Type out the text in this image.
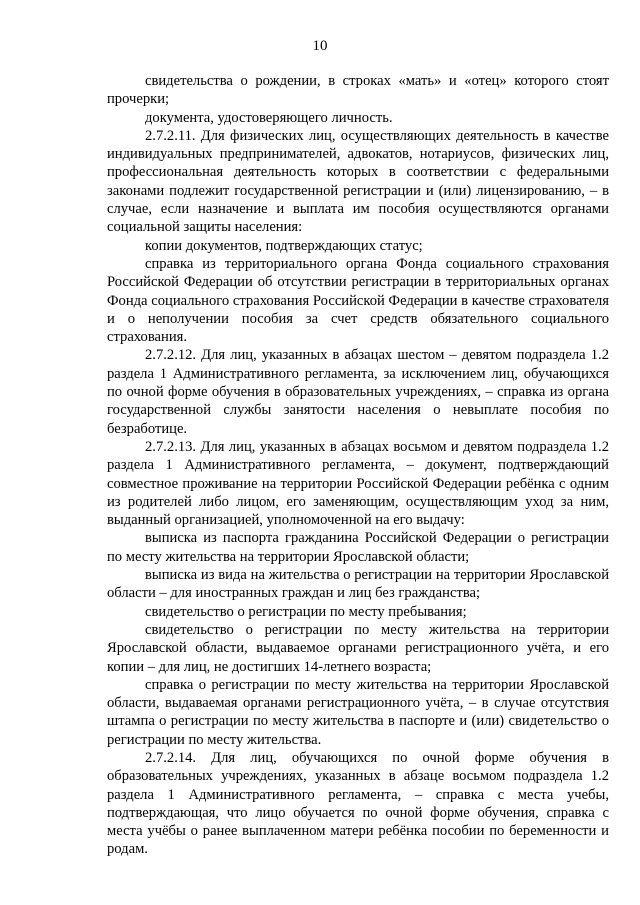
10

свидетельства о рождении, в строках «мать» и «отец» которого стоят прочерки;

документа, удостоверяющего личность.

2.7.2.11. Для физических лиц, осуществляющих деятельность в качестве индивидуальных предпринимателей, адвокатов, нотариусов, физических лиц, профессиональная деятельность которых в соответствии с федеральными законами подлежит государственной регистрации и (или) лицензированию, – в случае, если назначение и выплата им пособия осуществляются органами социальной защиты населения:

копии документов, подтверждающих статус;

справка из территориального органа Фонда социального страхования Российской Федерации об отсутствии регистрации в территориальных органах Фонда социального страхования Российской Федерации в качестве страхователя и о неполучении пособия за счет средств обязательного социального страхования.

2.7.2.12. Для лиц, указанных в абзацах шестом – девятом подраздела 1.2 раздела 1 Административного регламента, за исключением лиц, обучающихся по очной форме обучения в образовательных учреждениях, – справка из органа государственной службы занятости населения о невыплате пособия по безработице.

2.7.2.13. Для лиц, указанных в абзацах восьмом и девятом подраздела 1.2 раздела 1 Административного регламента, – документ, подтверждающий совместное проживание на территории Российской Федерации ребёнка с одним из родителей либо лицом, его заменяющим, осуществляющим уход за ним, выданный организацией, уполномоченной на его выдачу:

выписка из паспорта гражданина Российской Федерации о регистрации по месту жительства на территории Ярославской области;

выписка из вида на жительства о регистрации на территории Ярославской области – для иностранных граждан и лиц без гражданства;

свидетельство о регистрации по месту пребывания;

свидетельство о регистрации по месту жительства на территории Ярославской области, выдаваемое органами регистрационного учёта, и его копии – для лиц, не достигших 14-летнего возраста;

справка о регистрации по месту жительства на территории Ярославской области, выдаваемая органами регистрационного учёта, – в случае отсутствия штампа о регистрации по месту жительства в паспорте и (или) свидетельство о регистрации по месту жительства.

2.7.2.14. Для лиц, обучающихся по очной форме обучения в образовательных учреждениях, указанных в абзаце восьмом подраздела 1.2 раздела 1 Административного регламента, – справка с места учебы, подтверждающая, что лицо обучается по очной форме обучения, справка с места учёбы о ранее выплаченном матери ребёнка пособии по беременности и родам.
